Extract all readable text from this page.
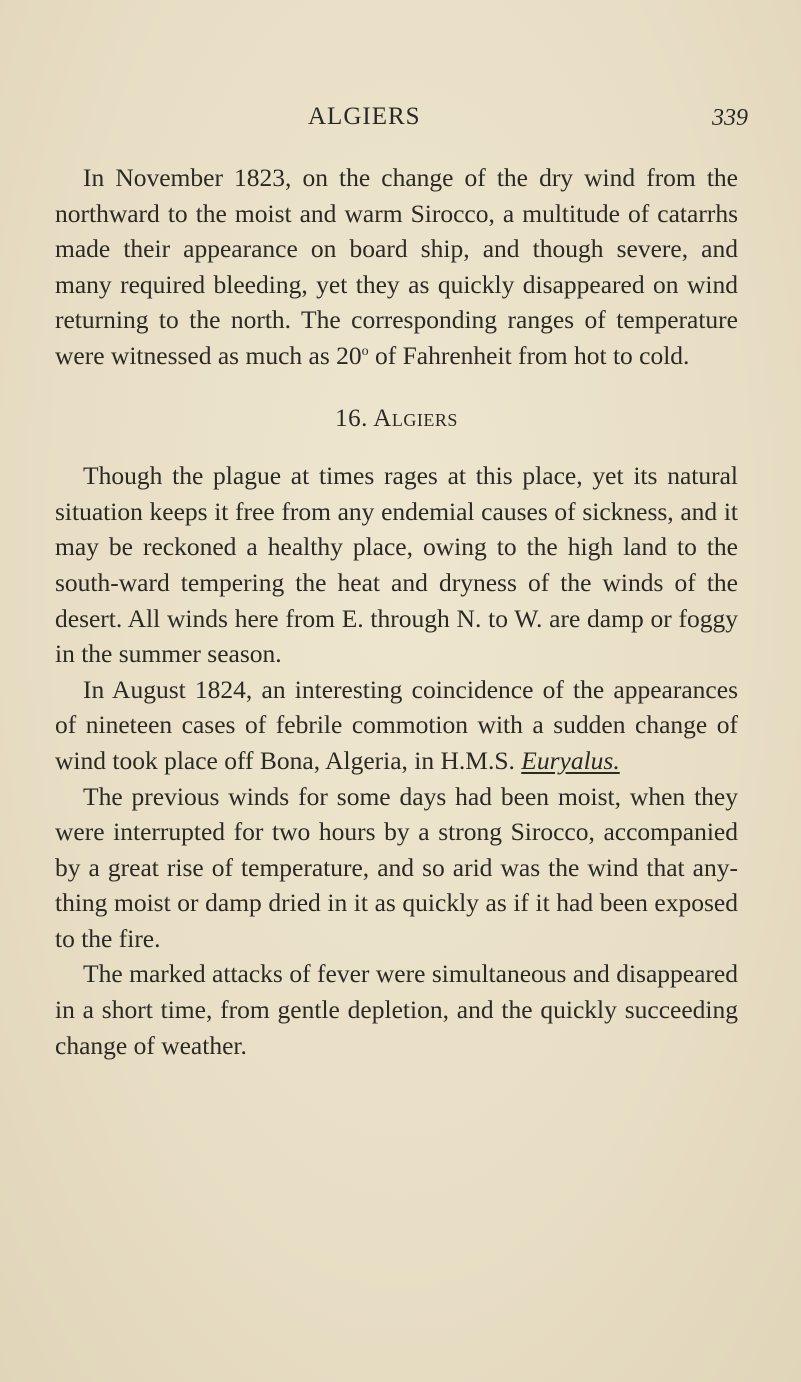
ALGIERS	339

In November 1823, on the change of the dry wind from the northward to the moist and warm Sirocco, a multitude of catarrhs made their appearance on board ship, and though severe, and many required bleeding, yet they as quickly disappeared on wind returning to the north. The corresponding ranges of temperature were witnessed as much as 20$^o$ of Fahrenheit from hot to cold.

16. Algiers

Though the plague at times rages at this place, yet its natural situation keeps it free from any endemial causes of sickness, and it may be reckoned a healthy place, owing to the high land to the south-ward tempering the heat and dryness of the winds of the desert. All winds here from E. through N. to W. are damp or foggy in the summer season.

In August 1824, an interesting coincidence of the appearances of nineteen cases of febrile commotion with a sudden change of wind took place off Bona, Algeria, in H.M.S. Euryalus.

The previous winds for some days had been moist, when they were interrupted for two hours by a strong Sirocco, accompanied by a great rise of temperature, and so arid was the wind that any-thing moist or damp dried in it as quickly as if it had been exposed to the fire.

The marked attacks of fever were simultaneous and disappeared in a short time, from gentle depletion, and the quickly succeeding change of weather.
